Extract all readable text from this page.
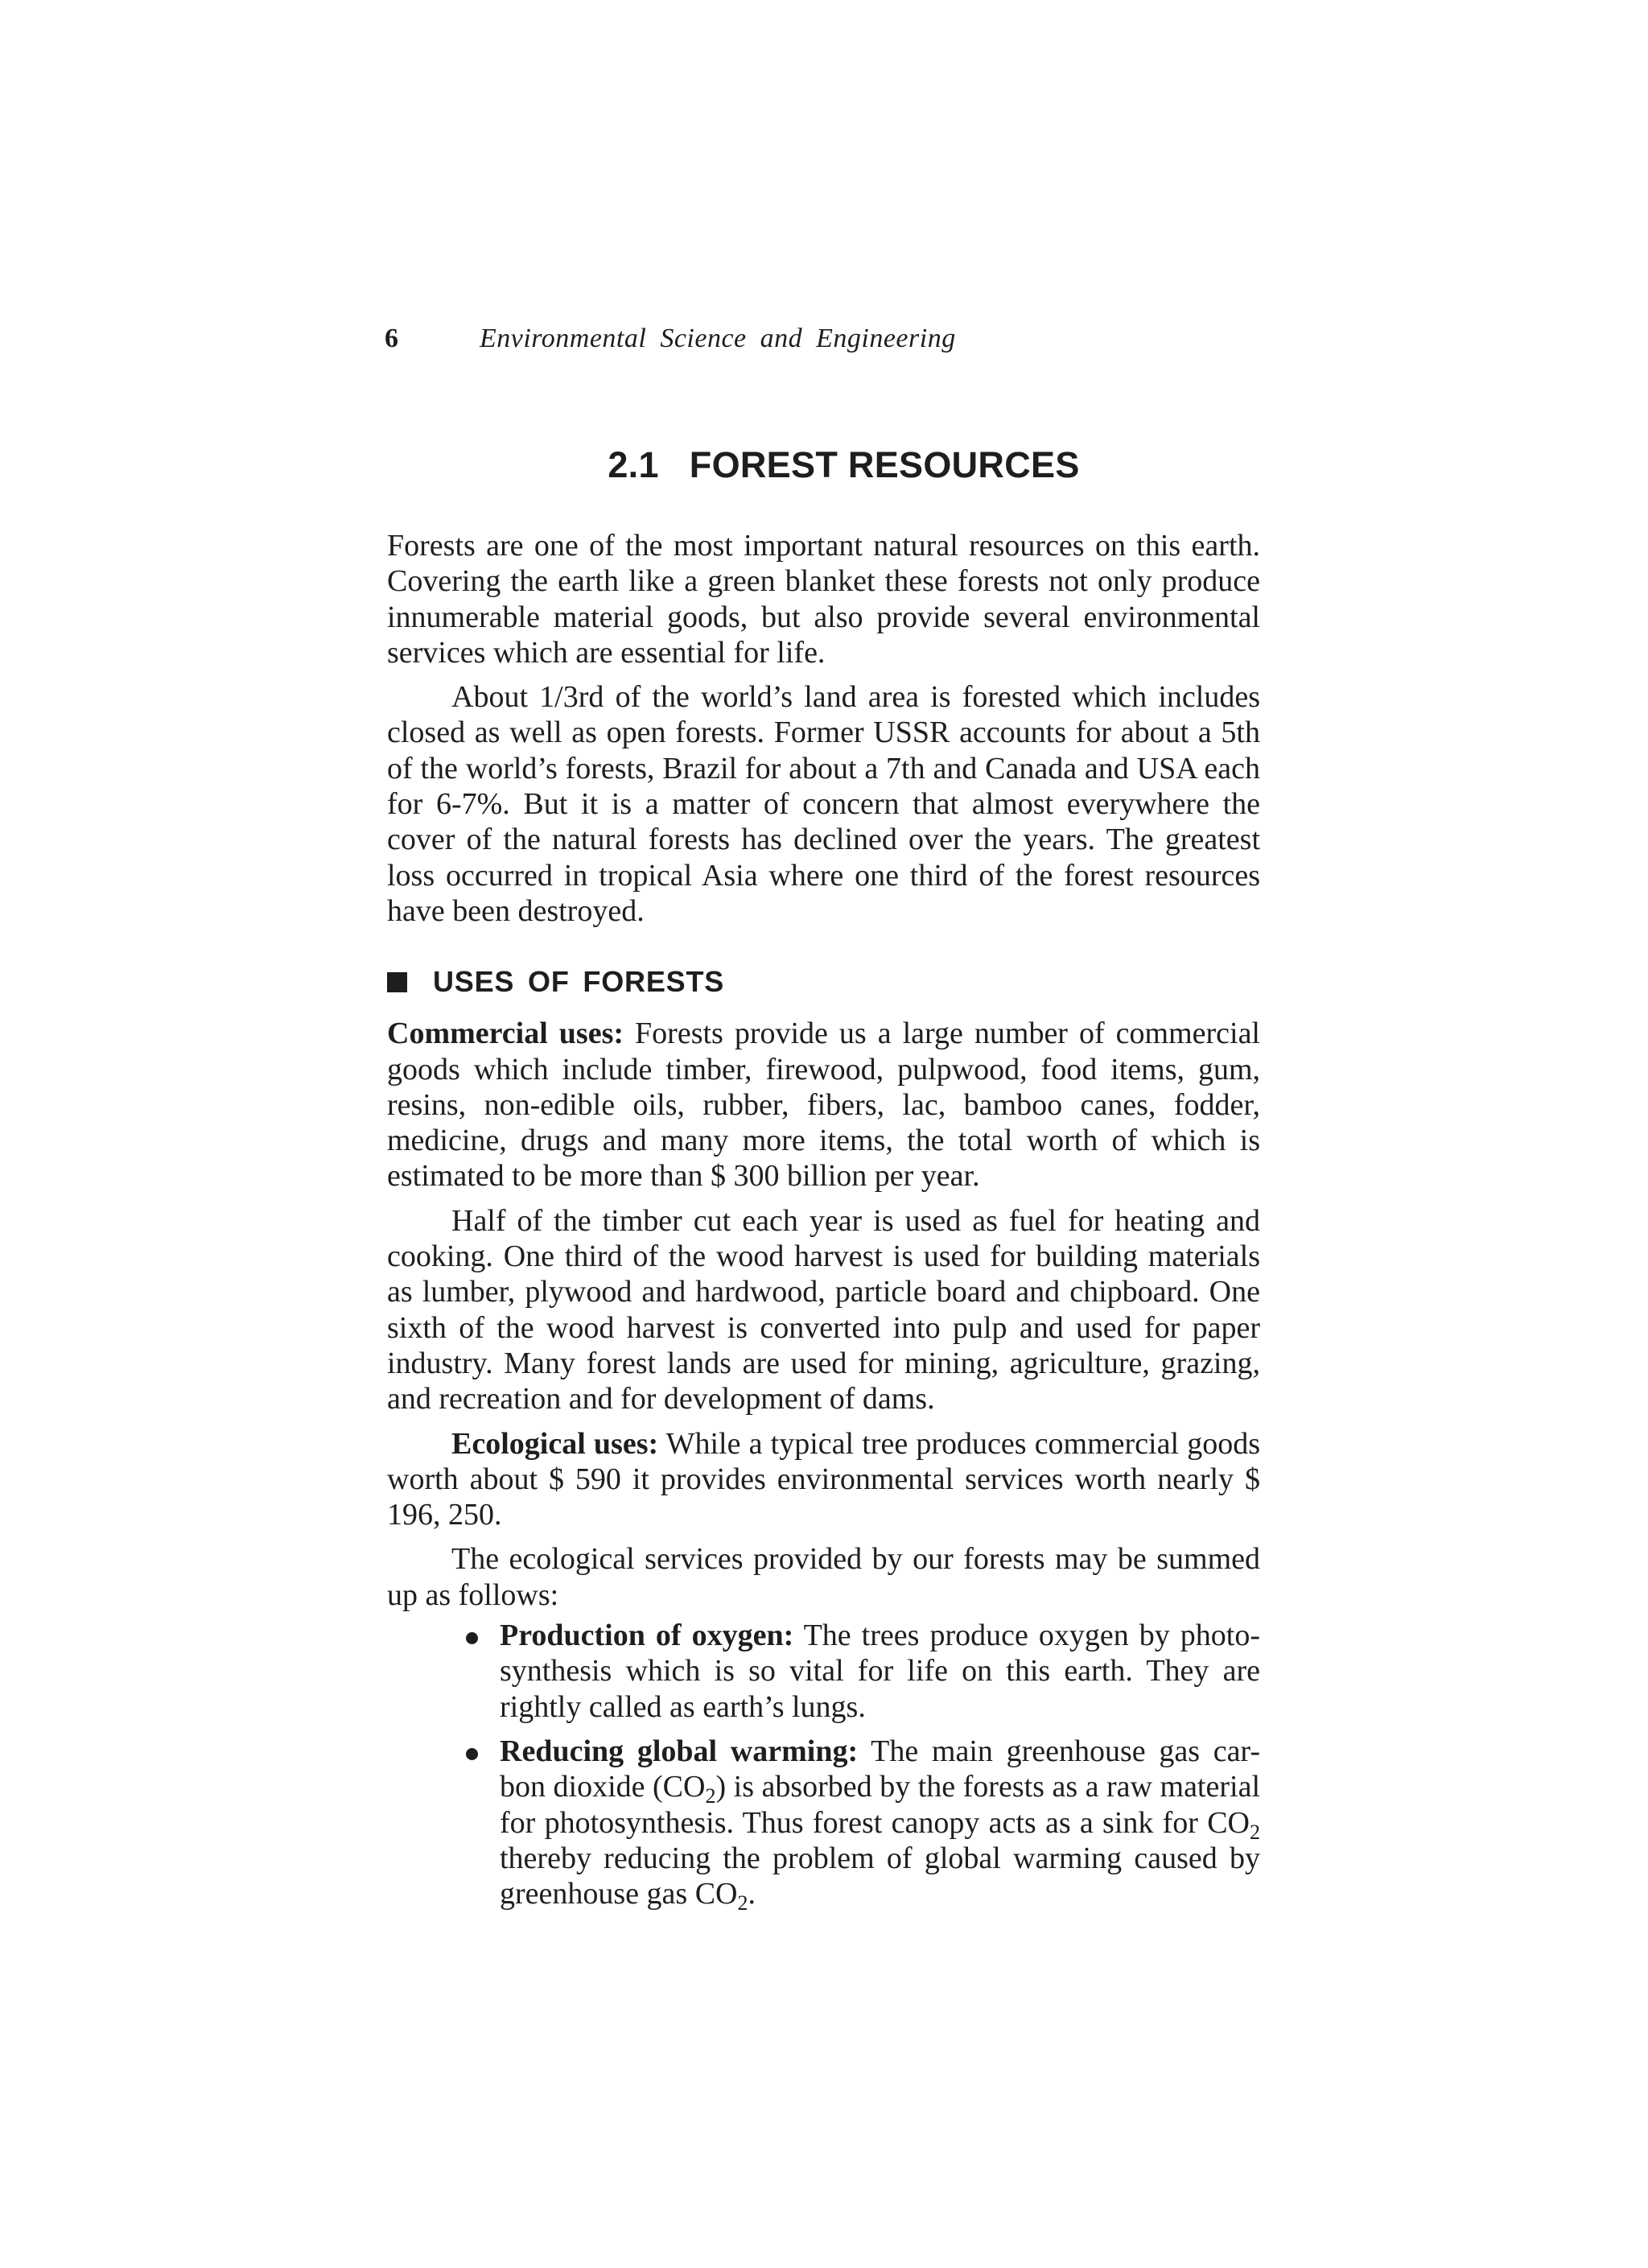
6	Environmental Science and Engineering
2.1 FOREST RESOURCES

Forests are one of the most important natural resources on this earth. Covering the earth like a green blanket these forests not only produce innumerable material goods, but also provide several environmental services which are essential for life.

About 1/3rd of the world’s land area is forested which includes closed as well as open forests. Former USSR accounts for about a 5th of the world’s forests, Brazil for about a 7th and Canada and USA each for 6-7%. But it is a matter of concern that almost everywhere the cover of the natural forests has declined over the years. The greatest loss occurred in tropical Asia where one third of the forest resources have been destroyed.

USES OF FORESTS

Commercial uses: Forests provide us a large number of commercial goods which include timber, firewood, pulpwood, food items, gum, resins, non-edible oils, rubber, fibers, lac, bamboo canes, fodder, medicine, drugs and many more items, the total worth of which is estimated to be more than $ 300 billion per year.

Half of the timber cut each year is used as fuel for heating and cooking. One third of the wood harvest is used for building materials as lumber, plywood and hardwood, particle board and chipboard. One sixth of the wood harvest is converted into pulp and used for paper industry. Many forest lands are used for mining, agriculture, grazing, and recreation and for development of dams.

Ecological uses: While a typical tree produces commercial goods worth about $ 590 it provides environmental services worth nearly $ 196, 250.

The ecological services provided by our forests may be summed up as follows:

Production of oxygen: The trees produce oxygen by photo-synthesis which is so vital for life on this earth. They are rightly called as earth’s lungs.
Reducing global warming: The main greenhouse gas car-bon dioxide $(CO_2)$ is absorbed by the forests as a raw material for photosynthesis. Thus forest canopy acts as a sink for $CO_2$ thereby reducing the problem of global warming caused by greenhouse gas $CO_2$.
